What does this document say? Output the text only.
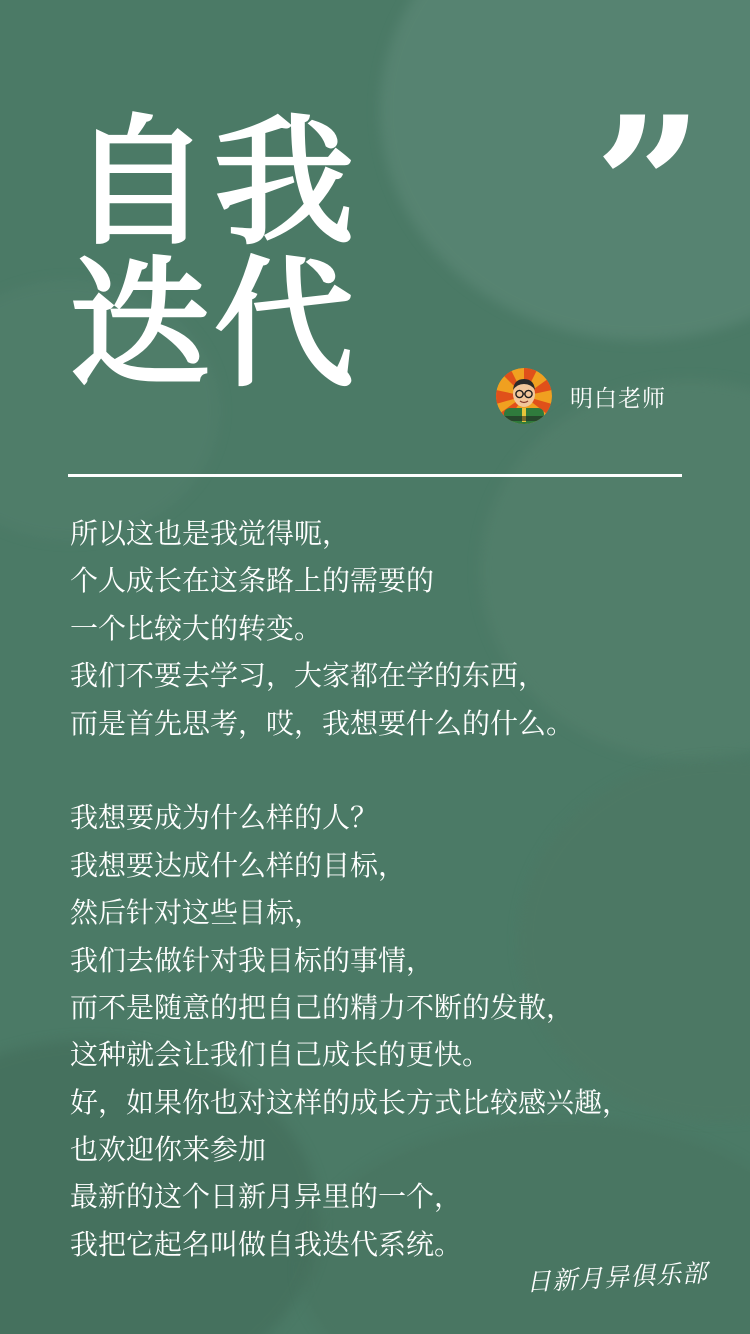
自我
迭代
”
明白老师
所以这也是我觉得呃，
个人成长在这条路上的需要的
一个比较大的转变。
我们不要去学习，大家都在学的东西，
而是首先思考，哎，我想要什么的什么。
我想要成为什么样的人？
我想要达成什么样的目标，
然后针对这些目标，
我们去做针对我目标的事情，
而不是随意的把自己的精力不断的发散，
这种就会让我们自己成长的更快。
好，如果你也对这样的成长方式比较感兴趣，
也欢迎你来参加
最新的这个日新月异里的一个，
我把它起名叫做自我迭代系统。
日新月异俱乐部
